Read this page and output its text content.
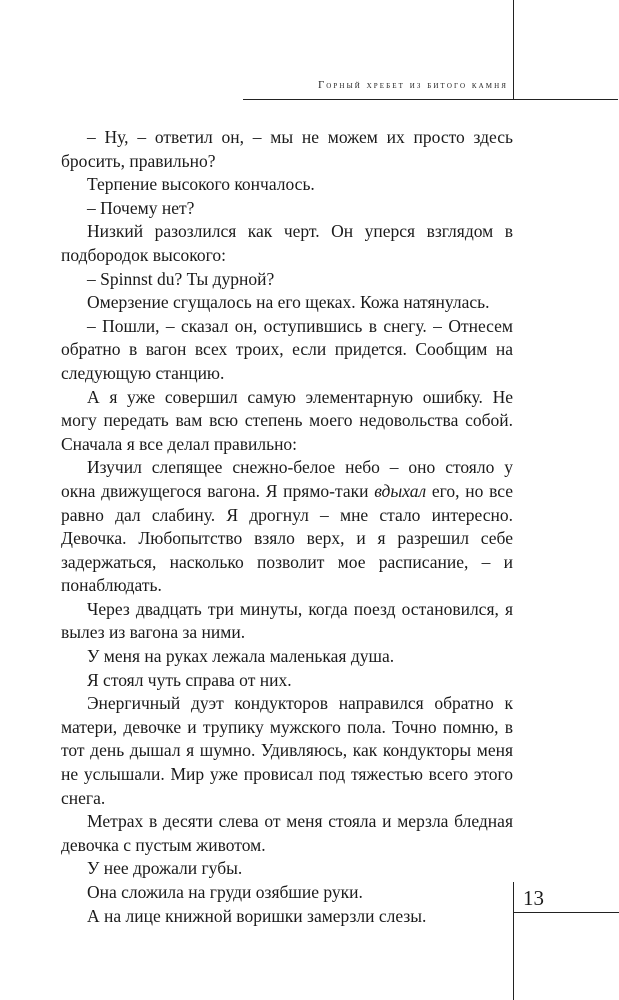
Горный хребет из битого камня

– Ну, – ответил он, – мы не можем их просто здесь бросить, правильно?

Терпение высокого кончалось.

– Почему нет?

Низкий разозлился как черт. Он уперся взглядом в подбородок высокого:

– Spinnst du? Ты дурной?

Омерзение сгущалось на его щеках. Кожа натянулась.

– Пошли, – сказал он, оступившись в снегу. – Отнесем обратно в вагон всех троих, если придется. Сообщим на следующую станцию.

А я уже совершил самую элементарную ошибку. Не могу передать вам всю степень моего недовольства собой. Сначала я все делал правильно:

Изучил слепящее снежно-белое небо – оно стояло у окна движущегося вагона. Я прямо-таки вдыхал его, но все равно дал слабину. Я дрогнул – мне стало интересно. Девочка. Любопытство взяло верх, и я разрешил себе задержаться, насколько позволит мое расписание, – и понаблюдать.

Через двадцать три минуты, когда поезд остановился, я вылез из вагона за ними.

У меня на руках лежала маленькая душа.

Я стоял чуть справа от них.

Энергичный дуэт кондукторов направился обратно к матери, девочке и трупику мужского пола. Точно помню, в тот день дышал я шумно. Удивляюсь, как кондукторы меня не услышали. Мир уже провисал под тяжестью всего этого снега.

Метрах в десяти слева от меня стояла и мерзла бледная девочка с пустым животом.

У нее дрожали губы.

Она сложила на груди озябшие руки.

А на лице книжной воришки замерзли слезы.

13
